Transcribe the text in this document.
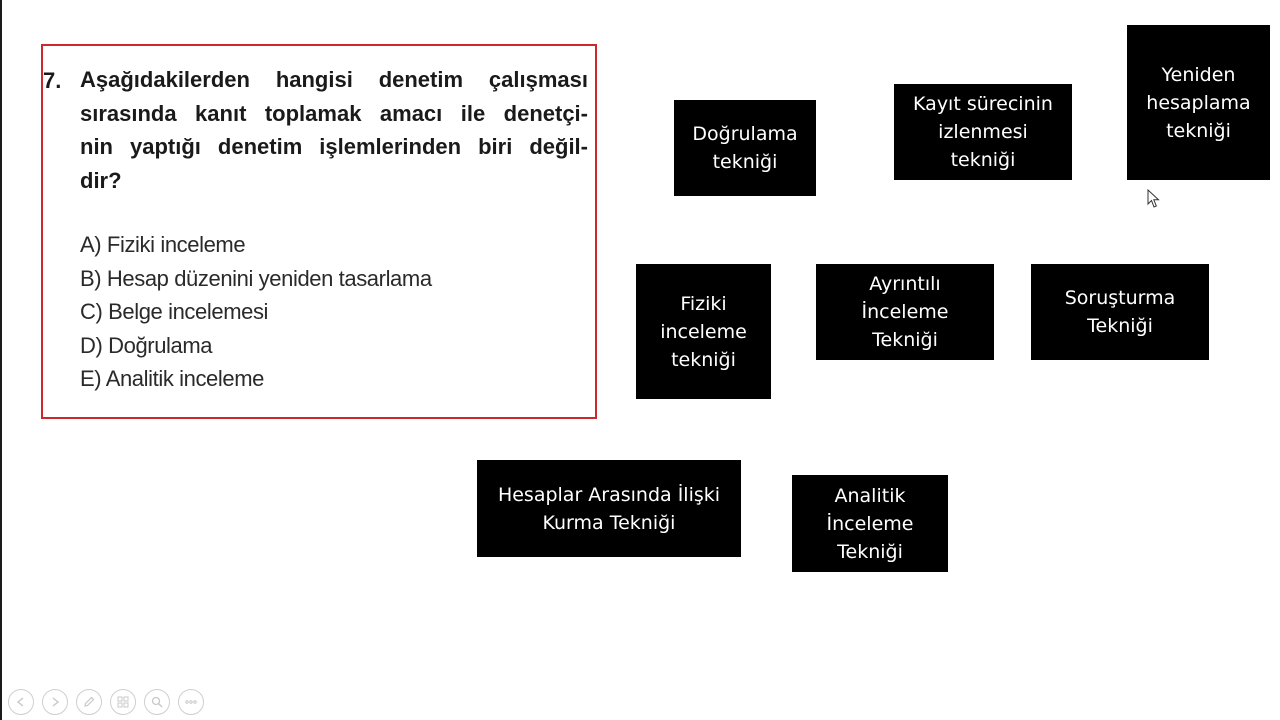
7. Aşağıdakilerden hangisi denetim çalışması
sırasında kanıt toplamak amacı ile denetçi-
nin yaptığı denetim işlemlerinden biri değil-
dir?

A) Fiziki inceleme
B) Hesap düzenini yeniden tasarlama
C) Belge incelemesi
D) Doğrulama
E) Analitik inceleme
Doğrulama
tekniği
Kayıt sürecinin
izlenmesi
tekniği
Yeniden
hesaplama
tekniği
Fiziki
inceleme
tekniği
Ayrıntılı
İnceleme
Tekniği
Soruşturma
Tekniği
Hesaplar Arasında İlişki
Kurma Tekniği
Analitik
İnceleme
Tekniği
